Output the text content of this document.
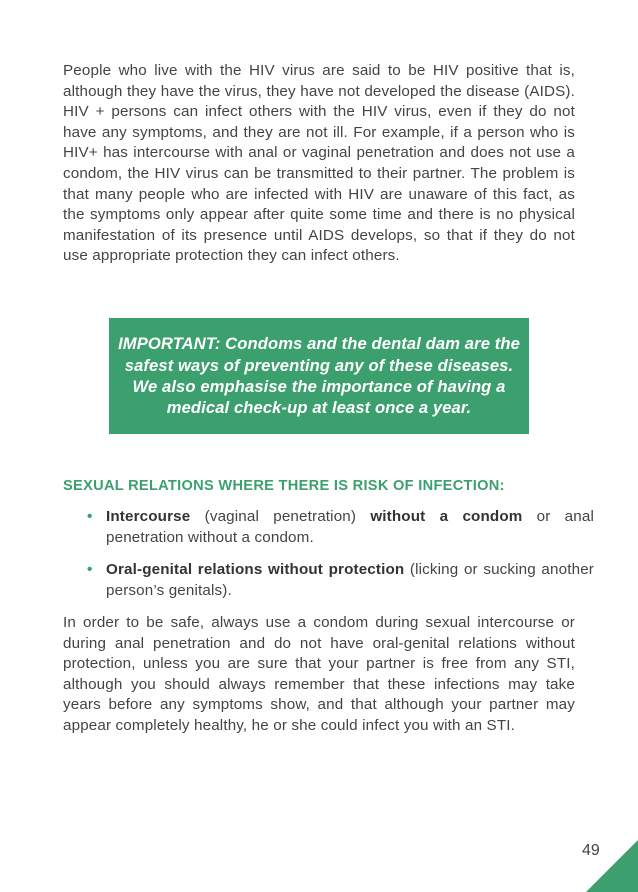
People who live with the HIV virus are said to be HIV positive that is, although they have the virus, they have not developed the disease (AIDS). HIV + persons can infect others with the HIV virus, even if they do not have any symptoms, and they are not ill. For example, if a person who is HIV+ has intercourse with anal or vaginal penetration and does not use a condom, the HIV virus can be transmitted to their partner. The problem is that many people who are infected with HIV are unaware of this fact, as the symptoms only appear after quite some time and there is no physical manifestation of its presence until AIDS develops, so that if they do not use appropriate protection they can infect others.

IMPORTANT: Condoms and the dental dam are the safest ways of preventing any of these diseases. We also emphasise the importance of having a medical check-up at least once a year.
SEXUAL RELATIONS WHERE THERE IS RISK OF INFECTION:
• Intercourse (vaginal penetration) without a condom or anal penetration without a condom.
• Oral-genital relations without protection (licking or sucking another person’s genitals).

In order to be safe, always use a condom during sexual intercourse or during anal penetration and do not have oral-genital relations without protection, unless you are sure that your partner is free from any STI, although you should always remember that these infections may take years before any symptoms show, and that although your partner may appear completely healthy, he or she could infect you with an STI.

49
